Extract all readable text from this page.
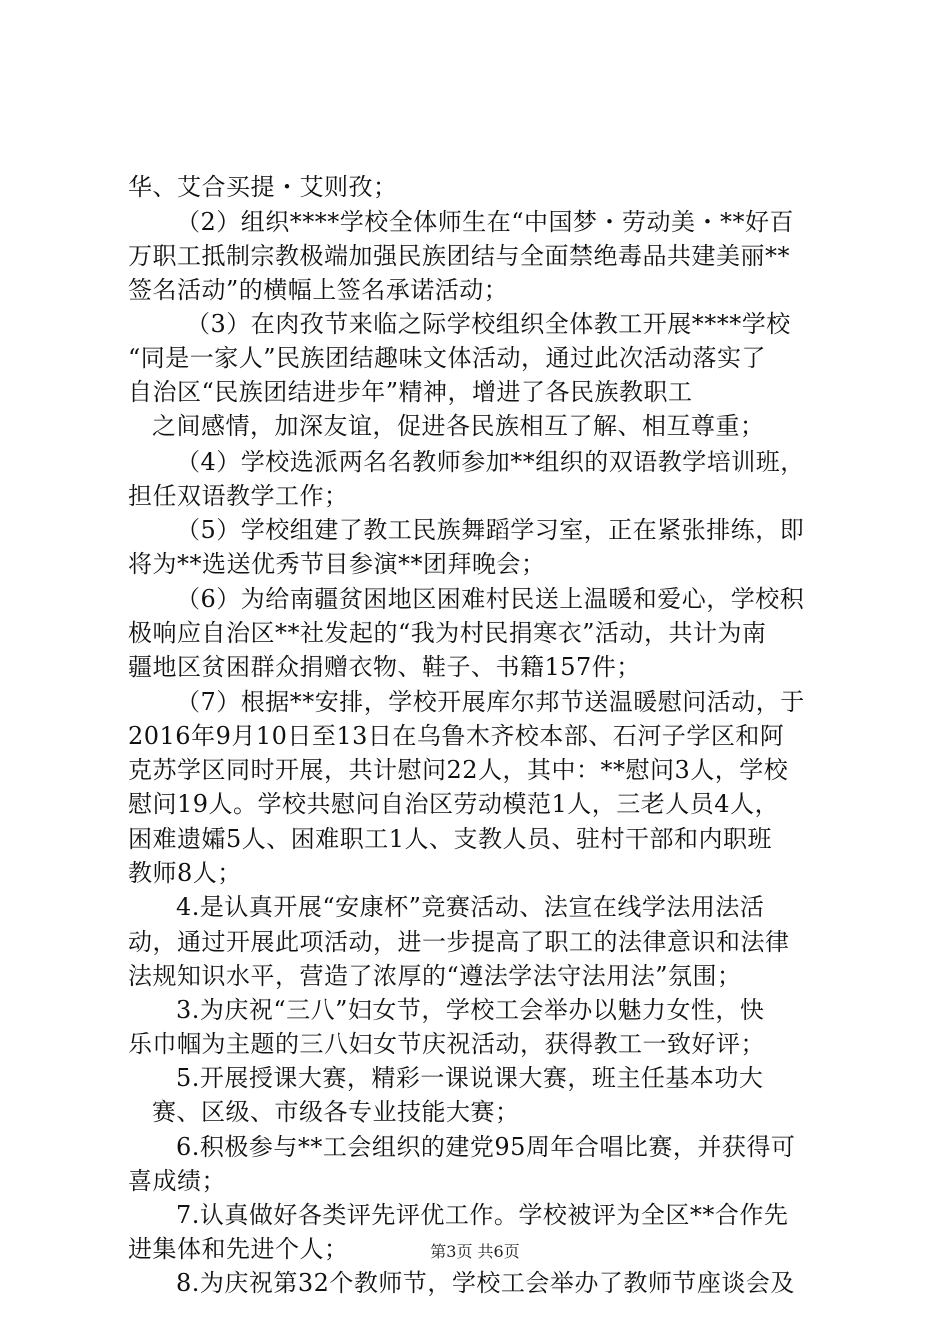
华、艾合买提・艾则孜；
（2）组织****学校全体师生在“中国梦・劳动美・**好百
万职工抵制宗教极端加强民族团结与全面禁绝毒品共建美丽**
签名活动”的横幅上签名承诺活动；
（3）在肉孜节来临之际学校组织全体教工开展****学校
“同是一家人”民族团结趣味文体活动，通过此次活动落实了
自治区“民族团结进步年”精神，增进了各民族教职工
之间感情，加深友谊，促进各民族相互了解、相互尊重；
（4）学校选派两名名教师参加**组织的双语教学培训班，
担任双语教学工作；
（5）学校组建了教工民族舞蹈学习室，正在紧张排练，即
将为**选送优秀节目参演**团拜晚会；
（6）为给南疆贫困地区困难村民送上温暖和爱心，学校积
极响应自治区**社发起的“我为村民捐寒衣”活动，共计为南
疆地区贫困群众捐赠衣物、鞋子、书籍157件；
（7）根据**安排，学校开展库尔邦节送温暖慰问活动，于
2016年9月10日至13日在乌鲁木齐校本部、石河子学区和阿
克苏学区同时开展，共计慰问22人，其中：**慰问3人，学校
慰问19人。学校共慰问自治区劳动模范1人，三老人员4人，
困难遗孀5人、困难职工1人、支教人员、驻村干部和内职班
教师8人；
4.是认真开展“安康杯”竞赛活动、法宣在线学法用法活
动，通过开展此项活动，进一步提高了职工的法律意识和法律
法规知识水平，营造了浓厚的“遵法学法守法用法”氛围；
3.为庆祝“三八”妇女节，学校工会举办以魅力女性，快
乐巾帼为主题的三八妇女节庆祝活动，获得教工一致好评；
5.开展授课大赛，精彩一课说课大赛，班主任基本功大
赛、区级、市级各专业技能大赛；
6.积极参与**工会组织的建党95周年合唱比赛，并获得可
喜成绩；
7.认真做好各类评先评优工作。学校被评为全区**合作先
进集体和先进个人；
8.为庆祝第32个教师节，学校工会举办了教师节座谈会及
第3页 共6页
